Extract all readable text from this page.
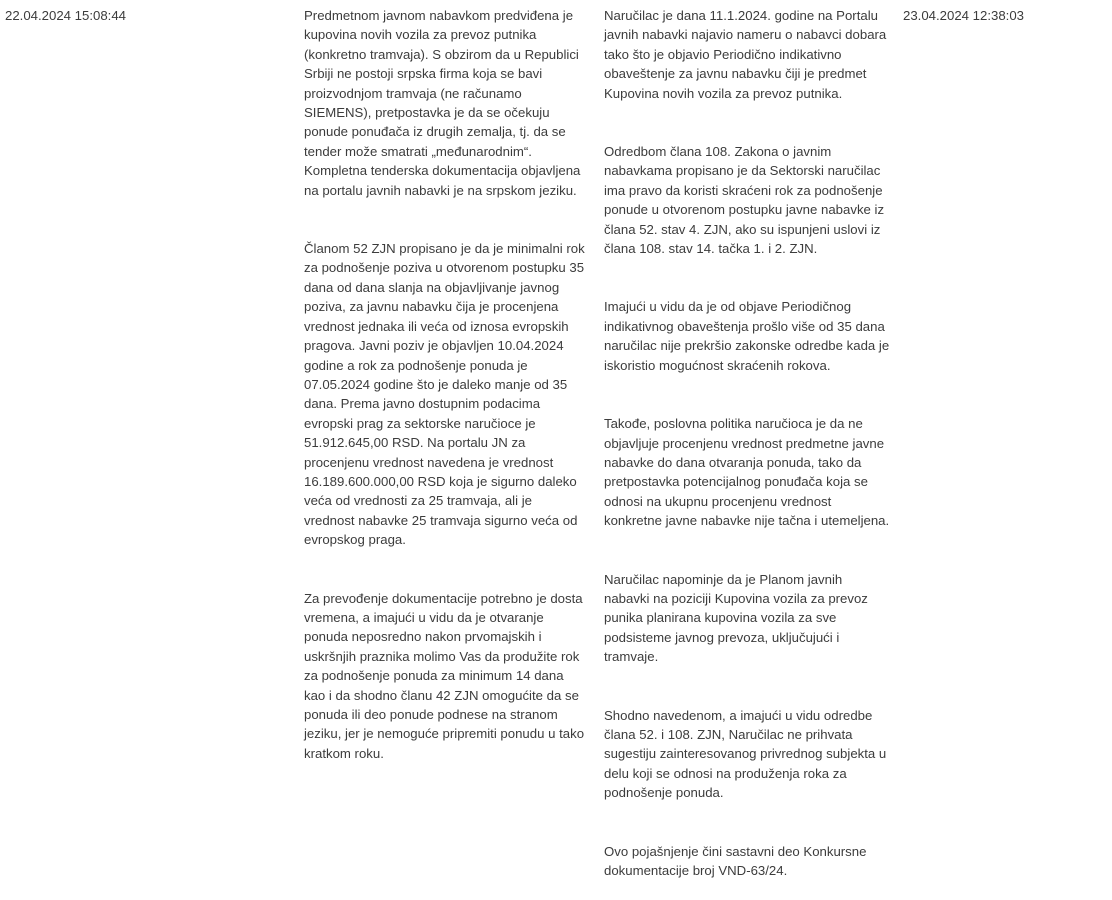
22.04.2024 15:08:44	Predmetnom javnom nabavkom predviđena je kupovina novih vozila za prevoz putnika (konkretno tramvaja). S obzirom da u Republici Srbiji ne postoji srpska firma koja se bavi proizvodnjom tramvaja (ne računamo SIEMENS), pretpostavka je da se očekuju ponude ponuđača iz drugih zemalja, tj. da se tender može smatrati „međunarodnim“. Kompletna tenderska dokumentacija objavljena na portalu javnih nabavki je na srpskom jeziku.

Članom 52 ZJN propisano je da je minimalni rok za podnošenje poziva u otvorenom postupku 35 dana od dana slanja na objavljivanje javnog poziva, za javnu nabavku čija je procenjena vrednost jednaka ili veća od iznosa evropskih pragova. Javni poziv je objavljen 10.04.2024 godine a rok za podnošenje ponuda je 07.05.2024 godine što je daleko manje od 35 dana. Prema javno dostupnim podacima evropski prag za sektorske naručioce je 51.912.645,00 RSD. Na portalu JN za procenjenu vrednost navedena je vrednost 16.189.600.000,00 RSD koja je sigurno daleko veća od vrednosti za 25 tramvaja, ali je vrednost nabavke 25 tramvaja sigurno veća od evropskog praga.

Za prevođenje dokumentacije potrebno je dosta vremena, a imajući u vidu da je otvaranje ponuda neposredno nakon prvomajskih i uskršnjih praznika molimo Vas da produžite rok za podnošenje ponuda za minimum 14 dana kao i da shodno članu 42 ZJN omogućite da se ponuda ili deo ponude podnese na stranom jeziku, jer je nemoguće pripremiti ponudu u tako kratkom roku.

Naručilac je dana 11.1.2024. godine na Portalu javnih nabavki najavio nameru o nabavci dobara tako što je objavio Periodično indikativno obaveštenje za javnu nabavku čiji je predmet Kupovina novih vozila za prevoz putnika.

Odredbom člana 108. Zakona o javnim nabavkama propisano je da Sektorski naručilac ima pravo da koristi skraćeni rok za podnošenje ponude u otvorenom postupku javne nabavke iz člana 52. stav 4. ZJN, ako su ispunjeni uslovi iz člana 108. stav 14. tačka 1. i 2. ZJN.

Imajući u vidu da je od objave Periodičnog indikativnog obaveštenja prošlo više od 35 dana naručilac nije prekršio zakonske odredbe kada je iskoristio mogućnost skraćenih rokova.

Takođe, poslovna politika naručioca je da ne objavljuje procenjenu vrednost predmetne javne nabavke do dana otvaranja ponuda, tako da pretpostavka potencijalnog ponuđača koja se odnosi na ukupnu procenjenu vrednost konkretne javne nabavke nije tačna i utemeljena.

Naručilac napominje da je Planom javnih nabavki na poziciji Kupovina vozila za prevoz punika planirana kupovina vozila za sve podsisteme javnog prevoza, uključujući i tramvaje.

Shodno navedenom, a imajući u vidu odredbe člana 52. i 108. ZJN, Naručilac ne prihvata sugestiju zainteresovanog privrednog subjekta u delu koji se odnosi na produženja roka za podnošenje ponuda.

Ovo pojašnjenje čini sastavni deo Konkursne dokumentacije broj VND-63/24.

23.04.2024 12:38:03
